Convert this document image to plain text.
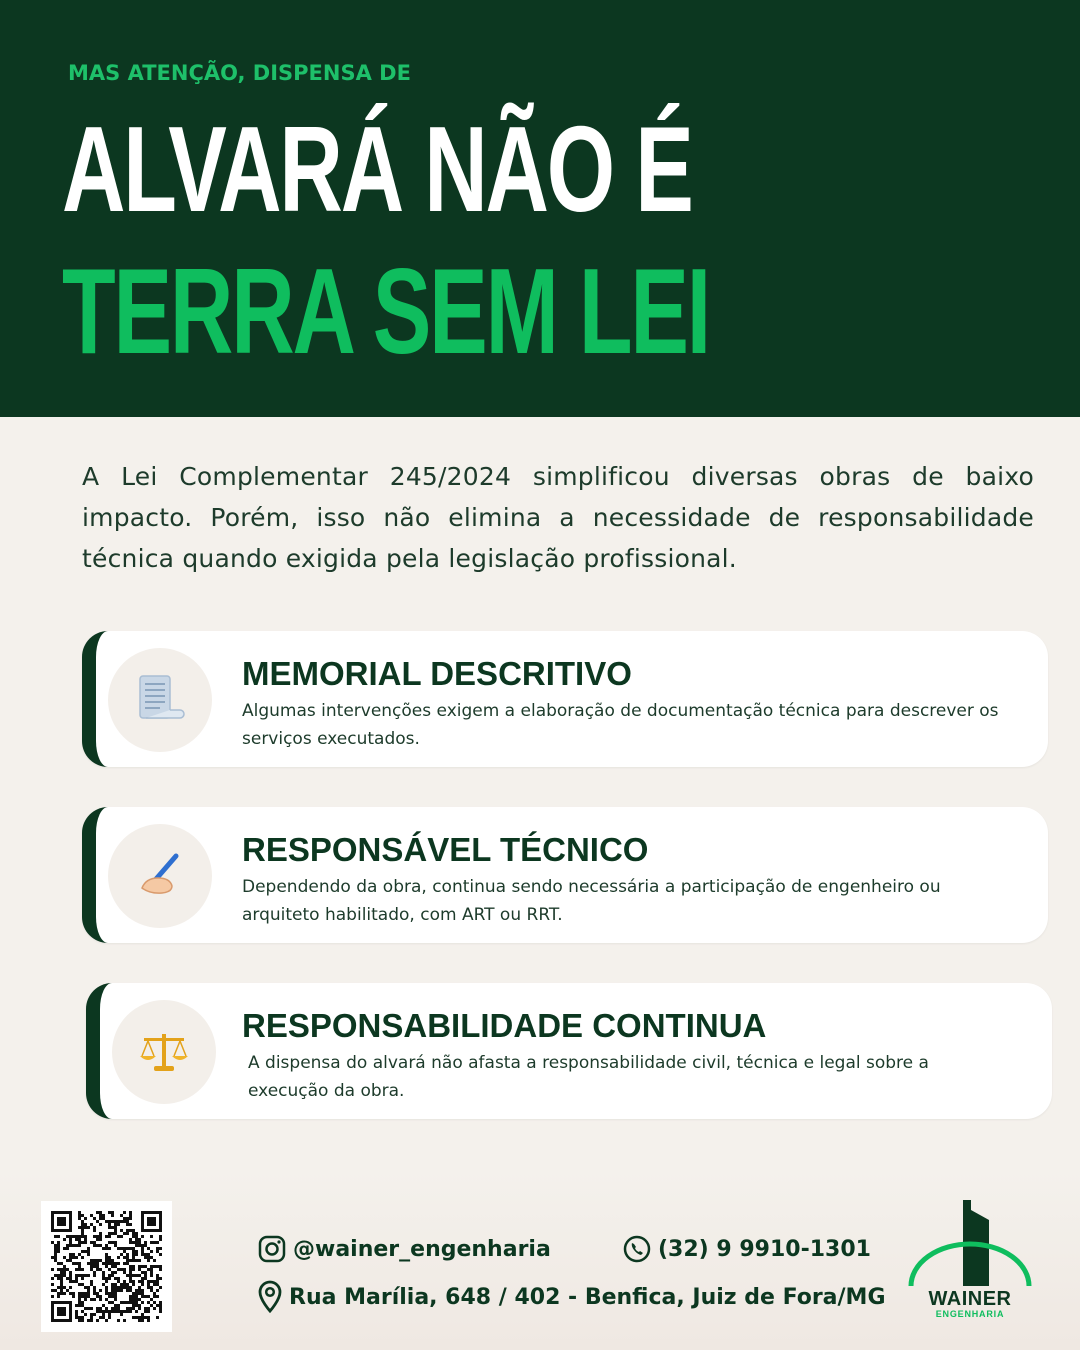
MAS ATENÇÃO, DISPENSA DE
ALVARÁ NÃO É
TERRA SEM LEI

A Lei Complementar 245/2024 simplificou diversas obras de baixo impacto. Porém, isso não elimina a necessidade de responsabilidade técnica quando exigida pela legislação profissional.

MEMORIAL DESCRITIVO
Algumas intervenções exigem a elaboração de documentação técnica para descrever os serviços executados.
RESPONSÁVEL TÉCNICO
Dependendo da obra, continua sendo necessária a participação de engenheiro ou arquiteto habilitado, com ART ou RRT.
RESPONSABILIDADE CONTINUA
A dispensa do alvará não afasta a responsabilidade civil, técnica e legal sobre a execução da obra.
@wainer_engenharia	(32) 9 9910-1301
Rua Marília, 648 / 402 - Benfica, Juiz de Fora/MG	WAINER
ENGENHARIA
